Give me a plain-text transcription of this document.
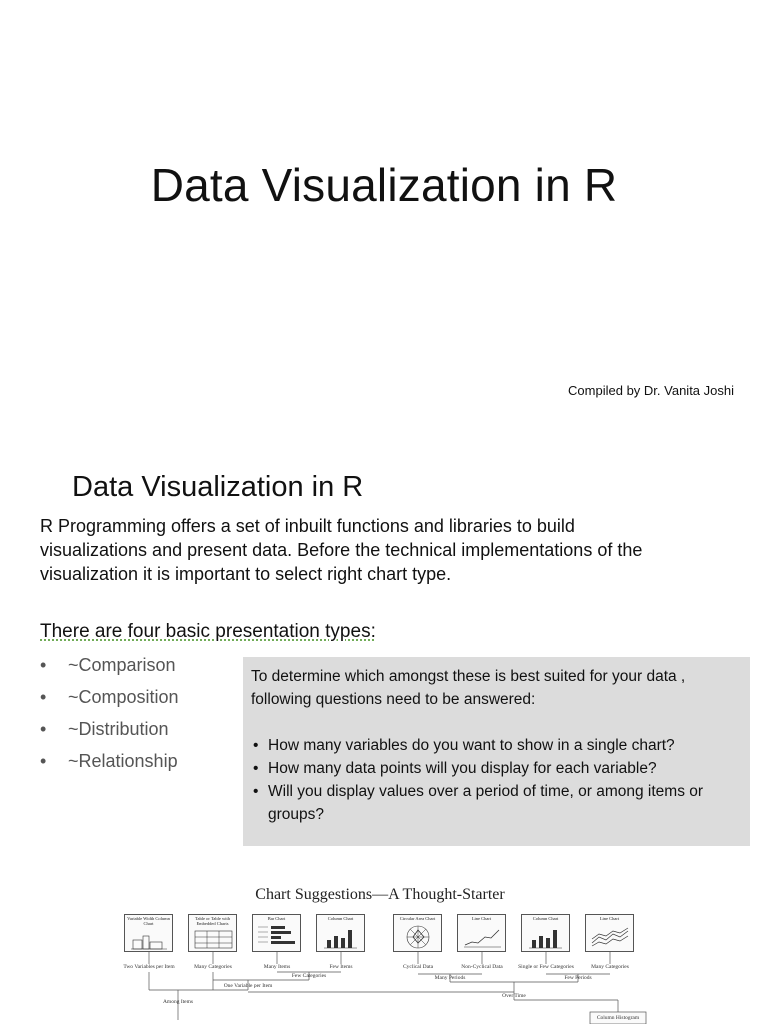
Data Visualization in R
Compiled by Dr. Vanita Joshi
Data Visualization in R

R Programming offers a set of inbuilt functions and libraries to build visualizations and present data. Before the technical implementations of the visualization it is important to select right chart type.

There are four basic presentation types:
• ~Comparison
• ~Composition
• ~Distribution
• ~Relationship

To determine which amongst these is best suited for your data , following questions need to be answered:

• How many variables do you want to show in a single chart?
• How many data points will you display for each variable?
• Will you display values over a period of time, or among items or groups?
Chart Suggestions—A Thought-Starter
Variable Width Column Chart
Table or Table with Embedded Charts
Bar Chart	Column Chart	Circular Area Chart	Line Chart	Column Chart	Line Chart
Two Variables per Item	Many Categories	Many Items	Few Items
Few Categories
Cyclical Data	Non-Cyclical Data	Single or Few Categories	Many Categories
Many Periods	Few Periods
One Variable per Item
Over Time
Among Items
Column Histogram
